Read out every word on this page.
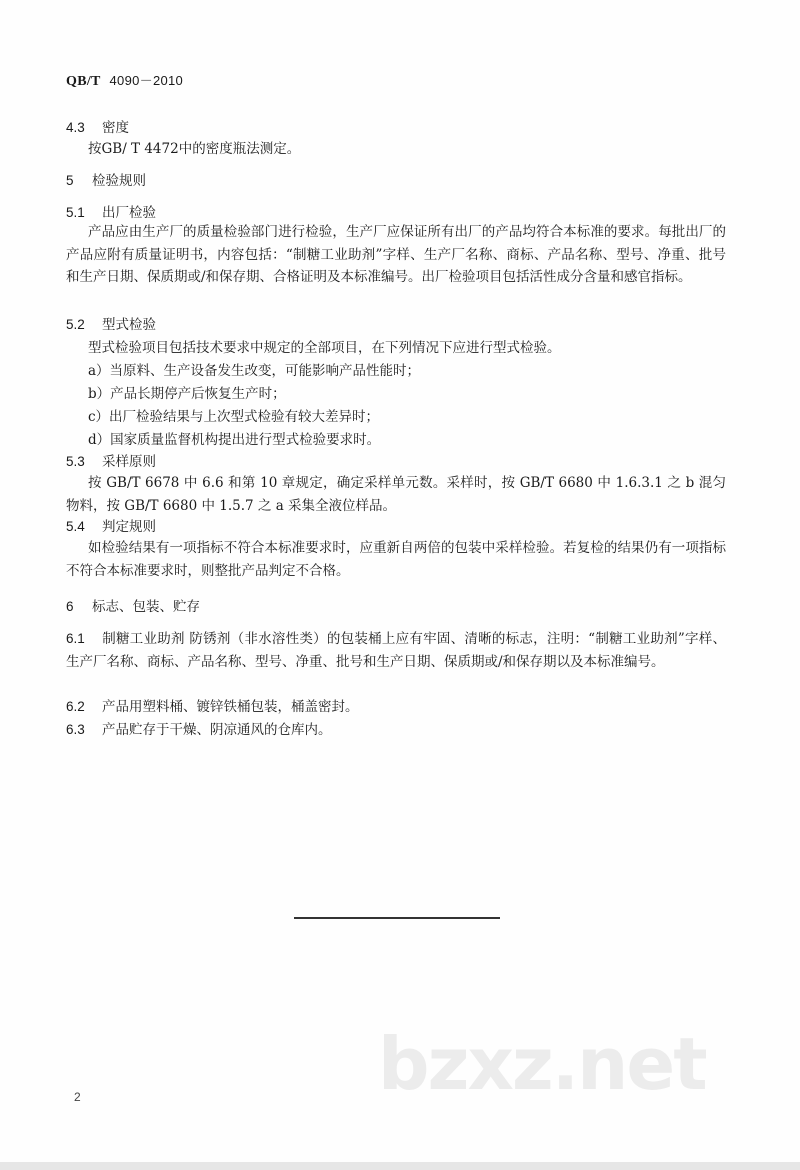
QB/T 4090－2010
4.3 密度
按GB/ T 4472中的密度瓶法测定。
5 检验规则
5.1 出厂检验
产品应由生产厂的质量检验部门进行检验，生产厂应保证所有出厂的产品均符合本标准的要求。每批出厂的产品应附有质量证明书，内容包括：“制糖工业助剂”字样、生产厂名称、商标、产品名称、型号、净重、批号和生产日期、保质期或/和保存期、合格证明及本标准编号。出厂检验项目包括活性成分含量和感官指标。
5.2 型式检验
型式检验项目包括技术要求中规定的全部项目，在下列情况下应进行型式检验。
a）当原料、生产设备发生改变，可能影响产品性能时；
b）产品长期停产后恢复生产时；
c）出厂检验结果与上次型式检验有较大差异时；
d）国家质量监督机构提出进行型式检验要求时。
5.3 采样原则
按 GB/T 6678 中 6.6 和第 10 章规定，确定采样单元数。采样时，按 GB/T 6680 中 1.6.3.1 之 b 混匀物料，按 GB/T 6680 中 1.5.7 之 a 采集全液位样品。
5.4 判定规则
如检验结果有一项指标不符合本标准要求时，应重新自两倍的包装中采样检验。若复检的结果仍有一项指标不符合本标准要求时，则整批产品判定不合格。
6 标志、包装、贮存
6.1 制糖工业助剂 防锈剂（非水溶性类）的包装桶上应有牢固、清晰的标志，注明：“制糖工业助剂”字样、生产厂名称、商标、产品名称、型号、净重、批号和生产日期、保质期或/和保存期以及本标准编号。
6.2 产品用塑料桶、镀锌铁桶包装，桶盖密封。
6.3 产品贮存于干燥、阴凉通风的仓库内。
bzxz.net
2
